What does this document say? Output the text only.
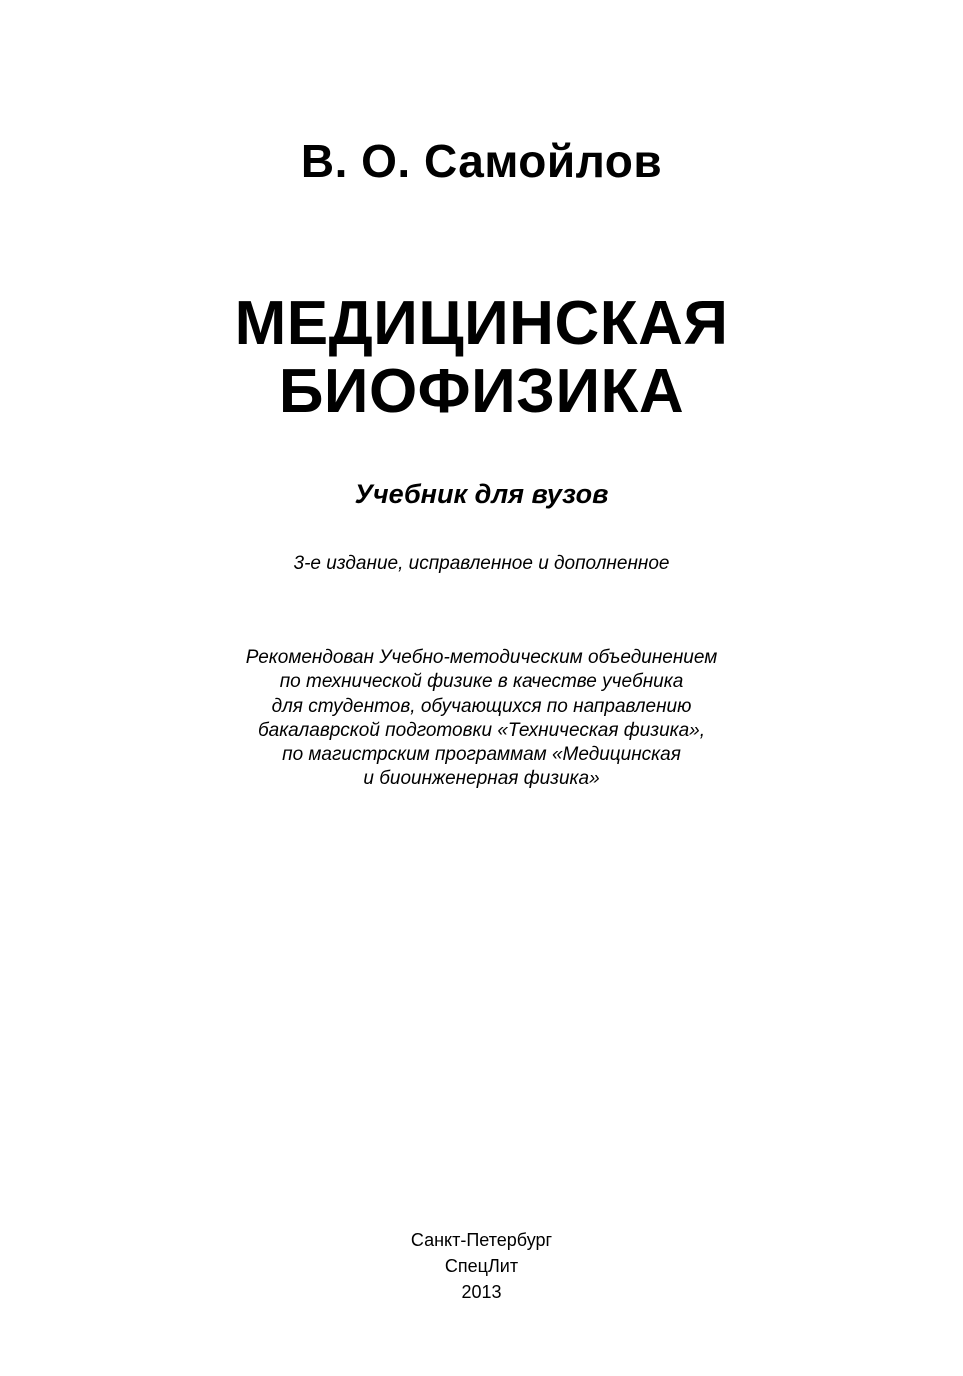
В. О. Самойлов
МЕДИЦИНСКАЯ
БИОФИЗИКА
Учебник для вузов
3-е издание, исправленное и дополненное
Рекомендован Учебно-методическим объединением
по технической физике в качестве учебника
для студентов, обучающихся по направлению
бакалаврской подготовки «Техническая физика»,
по магистрским программам «Медицинская
и биоинженерная физика»
Санкт-Петербург
СпецЛит
2013
